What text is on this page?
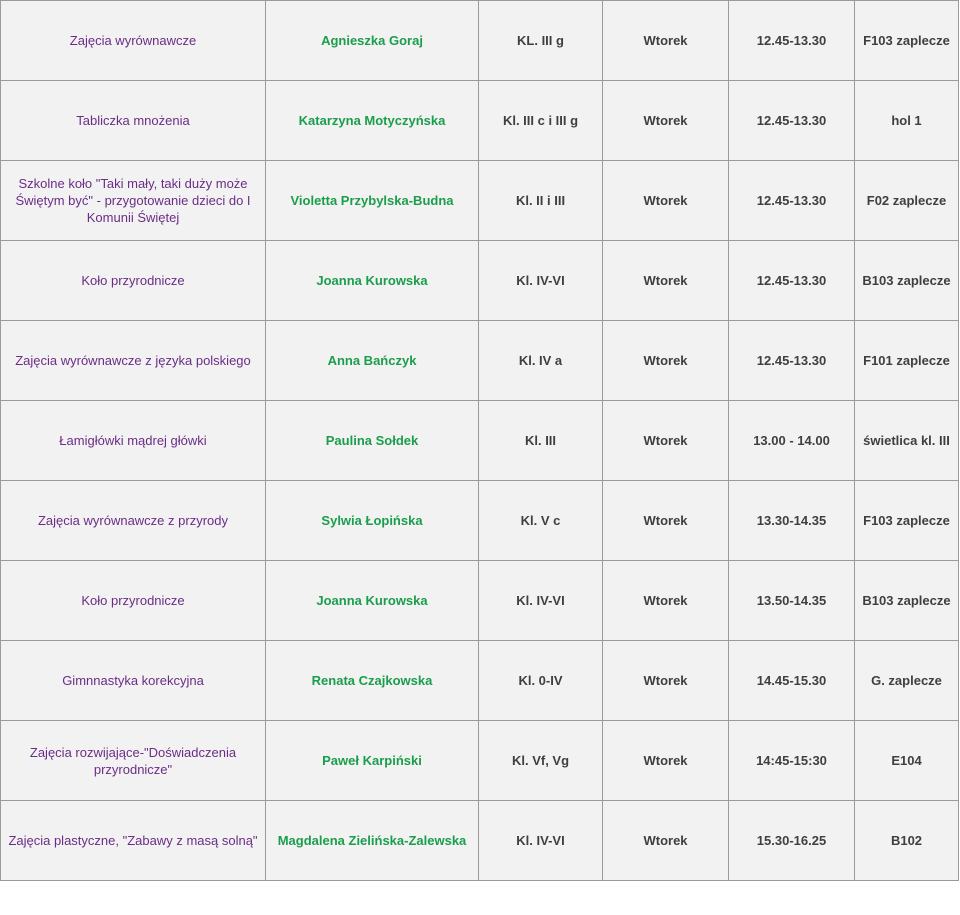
Zajęcia wyrównawcze	Agnieszka Goraj	KL. III g	Wtorek	12.45-13.30	F103 zaplecze
Tabliczka mnożenia	Katarzyna Motyczyńska	Kl. III c i III g	Wtorek	12.45-13.30	hol 1
Szkolne koło "Taki mały, taki duży może Świętym być" - przygotowanie dzieci do I Komunii Świętej	Violetta Przybylska-Budna	Kl. II i III	Wtorek	12.45-13.30	F02 zaplecze
Koło przyrodnicze	Joanna Kurowska	Kl. IV-VI	Wtorek	12.45-13.30	B103 zaplecze
Zajęcia wyrównawcze z języka polskiego	Anna Bańczyk	Kl. IV a	Wtorek	12.45-13.30	F101 zaplecze
Łamigłówki mądrej główki	Paulina Sołdek	Kl. III	Wtorek	13.00 - 14.00	świetlica kl. III
Zajęcia wyrównawcze z przyrody	Sylwia Łopińska	Kl. V c	Wtorek	13.30-14.35	F103 zaplecze
Koło przyrodnicze	Joanna Kurowska	Kl. IV-VI	Wtorek	13.50-14.35	B103 zaplecze
Gimnnastyka korekcyjna	Renata Czajkowska	Kl. 0-IV	Wtorek	14.45-15.30	G. zaplecze
Zajęcia rozwijające-"Doświadczenia przyrodnicze"	Paweł Karpiński	Kl. Vf, Vg	Wtorek	14:45-15:30	E104
Zajęcia plastyczne, "Zabawy z masą solną"	Magdalena Zielińska-Zalewska	Kl. IV-VI	Wtorek	15.30-16.25	B102
